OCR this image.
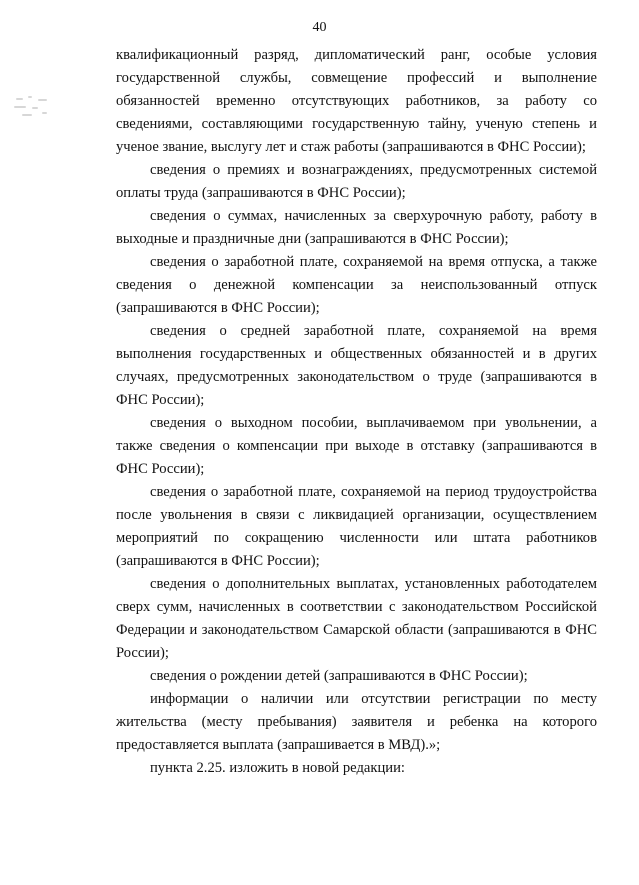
40

квалификационный разряд, дипломатический ранг, особые условия государственной службы, совмещение профессий и выполнение обязанностей временно отсутствующих работников, за работу со сведениями, составляющими государственную тайну, ученую степень и ученое звание, выслугу лет и стаж работы (запрашиваются в ФНС России);

сведения о премиях и вознаграждениях, предусмотренных системой оплаты труда (запрашиваются в ФНС России);

сведения о суммах, начисленных за сверхурочную работу, работу в выходные и праздничные дни (запрашиваются в ФНС России);

сведения о заработной плате, сохраняемой на время отпуска, а также сведения о денежной компенсации за неиспользованный отпуск (запрашиваются в ФНС России);

сведения о средней заработной плате, сохраняемой на время выполнения государственных и общественных обязанностей и в других случаях, предусмотренных законодательством о труде (запрашиваются в ФНС России);

сведения о выходном пособии, выплачиваемом при увольнении, а также сведения о компенсации при выходе в отставку (запрашиваются в ФНС России);

сведения о заработной плате, сохраняемой на период трудоустройства после увольнения в связи с ликвидацией организации, осуществлением мероприятий по сокращению численности или штата работников (запрашиваются в ФНС России);

сведения о дополнительных выплатах, установленных работодателем сверх сумм, начисленных в соответствии с законодательством Российской Федерации и законодательством Самарской области (запрашиваются в ФНС России);

сведения о рождении детей (запрашиваются в ФНС России);

информации о наличии или отсутствии регистрации по месту жительства (месту пребывания) заявителя и ребенка на которого предоставляется выплата (запрашивается в МВД).»;

пункта 2.25. изложить в новой редакции:
